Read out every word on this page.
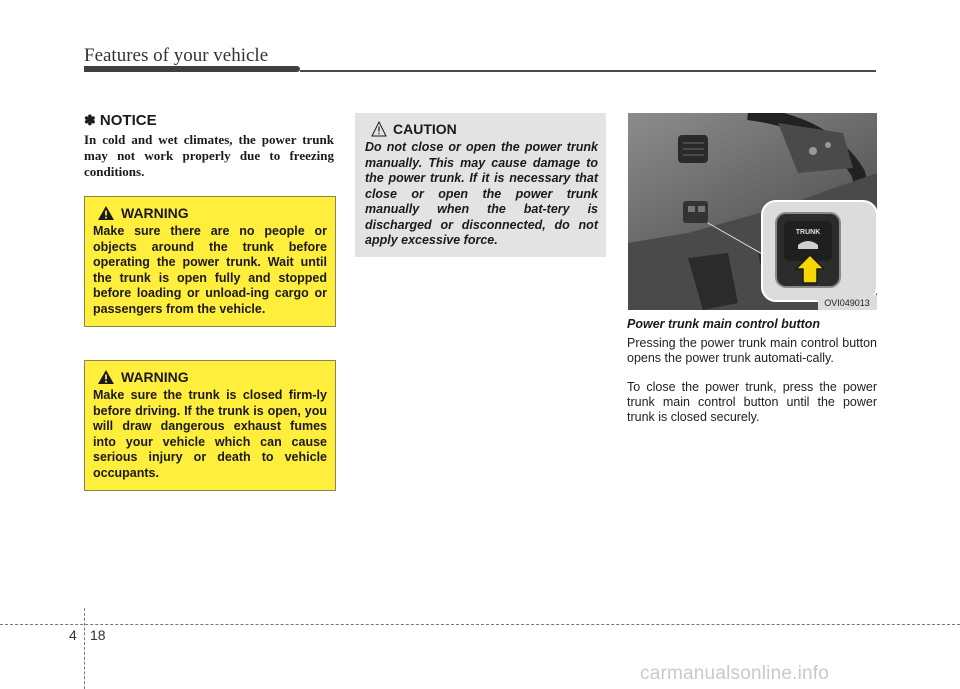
Features of your vehicle
✽ NOTICE
In cold and wet climates, the power trunk may not work properly due to freezing conditions.
WARNING
Make sure there are no people or objects around the trunk before operating the power trunk. Wait until the trunk is open fully and stopped before loading or unload-ing cargo or passengers from the vehicle.
WARNING
Make sure the trunk is closed firm-ly before driving. If the trunk is open, you will draw dangerous exhaust fumes into your vehicle which can cause serious injury or death to vehicle occupants.
CAUTION
Do not close or open the power trunk manually. This may cause damage to the power trunk. If it is necessary that close or open the power trunk manually when the bat-tery is discharged or disconnected, do not apply excessive force.
TRUNK
OVI049013
Power trunk main control button
Pressing the power trunk main control button opens the power trunk automati-cally.
To close the power trunk, press the power trunk main control button until the power trunk is closed securely.
4 18
carmanualsonline.info
